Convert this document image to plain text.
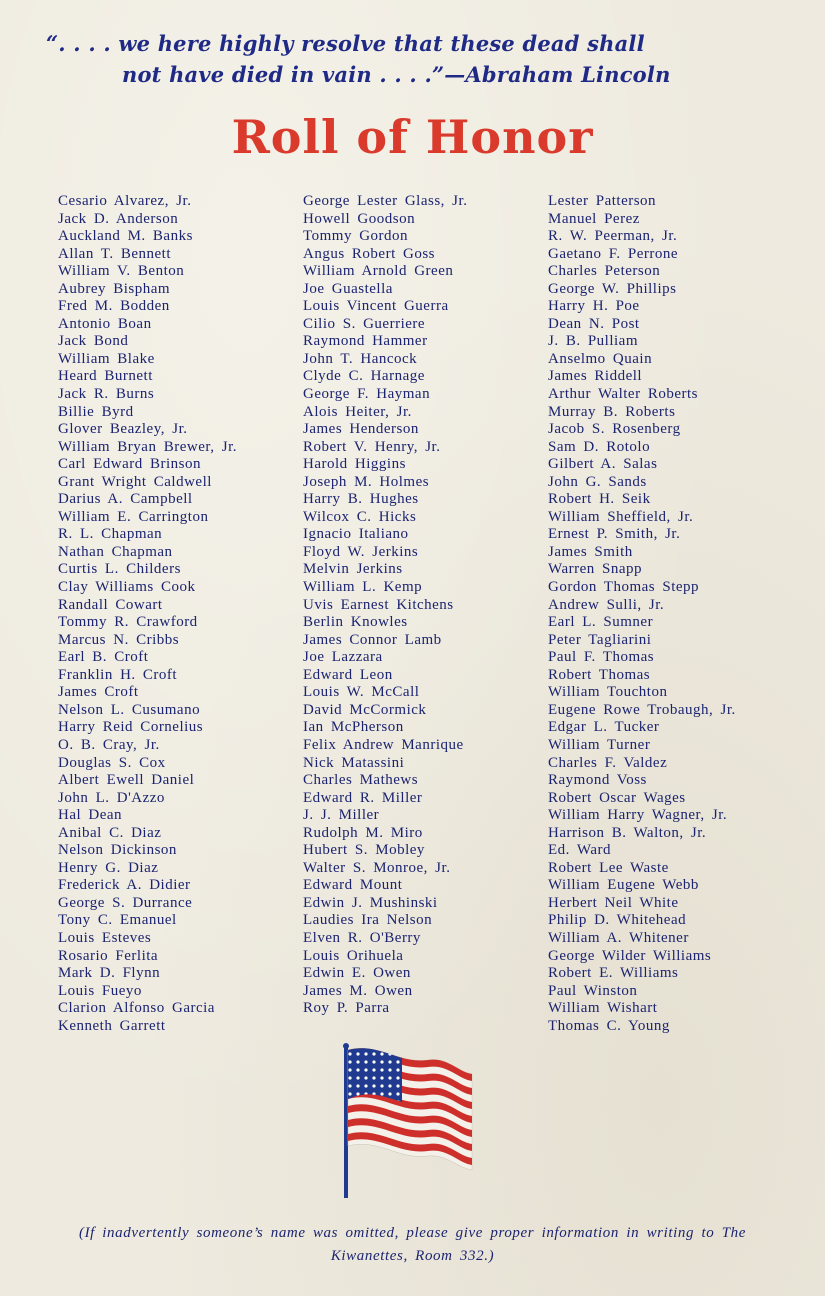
“. . . . we here highly resolve that these dead shall
not have died in vain . . . .”—Abraham Lincoln
Roll of Honor
Cesario Alvarez, Jr.
Jack D. Anderson
Auckland M. Banks
Allan T. Bennett
William V. Benton
Aubrey Bispham
Fred M. Bodden
Antonio Boan
Jack Bond
William Blake
Heard Burnett
Jack R. Burns
Billie Byrd
Glover Beazley, Jr.
William Bryan Brewer, Jr.
Carl Edward Brinson
Grant Wright Caldwell
Darius A. Campbell
William E. Carrington
R. L. Chapman
Nathan Chapman
Curtis L. Childers
Clay Williams Cook
Randall Cowart
Tommy R. Crawford
Marcus N. Cribbs
Earl B. Croft
Franklin H. Croft
James Croft
Nelson L. Cusumano
Harry Reid Cornelius
O. B. Cray, Jr.
Douglas S. Cox
Albert Ewell Daniel
John L. D'Azzo
Hal Dean
Anibal C. Diaz
Nelson Dickinson
Henry G. Diaz
Frederick A. Didier
George S. Durrance
Tony C. Emanuel
Louis Esteves
Rosario Ferlita
Mark D. Flynn
Louis Fueyo
Clarion Alfonso Garcia
Kenneth Garrett
George Lester Glass, Jr.
Howell Goodson
Tommy Gordon
Angus Robert Goss
William Arnold Green
Joe Guastella
Louis Vincent Guerra
Cilio S. Guerriere
Raymond Hammer
John T. Hancock
Clyde C. Harnage
George F. Hayman
Alois Heiter, Jr.
James Henderson
Robert V. Henry, Jr.
Harold Higgins
Joseph M. Holmes
Harry B. Hughes
Wilcox C. Hicks
Ignacio Italiano
Floyd W. Jerkins
Melvin Jerkins
William L. Kemp
Uvis Earnest Kitchens
Berlin Knowles
James Connor Lamb
Joe Lazzara
Edward Leon
Louis W. McCall
David McCormick
Ian McPherson
Felix Andrew Manrique
Nick Matassini
Charles Mathews
Edward R. Miller
J. J. Miller
Rudolph M. Miro
Hubert S. Mobley
Walter S. Monroe, Jr.
Edward Mount
Edwin J. Mushinski
Laudies Ira Nelson
Elven R. O'Berry
Louis Orihuela
Edwin E. Owen
James M. Owen
Roy P. Parra
Lester Patterson
Manuel Perez
R. W. Peerman, Jr.
Gaetano F. Perrone
Charles Peterson
George W. Phillips
Harry H. Poe
Dean N. Post
J. B. Pulliam
Anselmo Quain
James Riddell
Arthur Walter Roberts
Murray B. Roberts
Jacob S. Rosenberg
Sam D. Rotolo
Gilbert A. Salas
John G. Sands
Robert H. Seik
William Sheffield, Jr.
Ernest P. Smith, Jr.
James Smith
Warren Snapp
Gordon Thomas Stepp
Andrew Sulli, Jr.
Earl L. Sumner
Peter Tagliarini
Paul F. Thomas
Robert Thomas
William Touchton
Eugene Rowe Trobaugh, Jr.
Edgar L. Tucker
William Turner
Charles F. Valdez
Raymond Voss
Robert Oscar Wages
William Harry Wagner, Jr.
Harrison B. Walton, Jr.
Ed. Ward
Robert Lee Waste
William Eugene Webb
Herbert Neil White
Philip D. Whitehead
William A. Whitener
George Wilder Williams
Robert E. Williams
Paul Winston
William Wishart
Thomas C. Young
(If inadvertently someone’s name was omitted, please give proper information in writing to The Kiwanettes, Room 332.)
